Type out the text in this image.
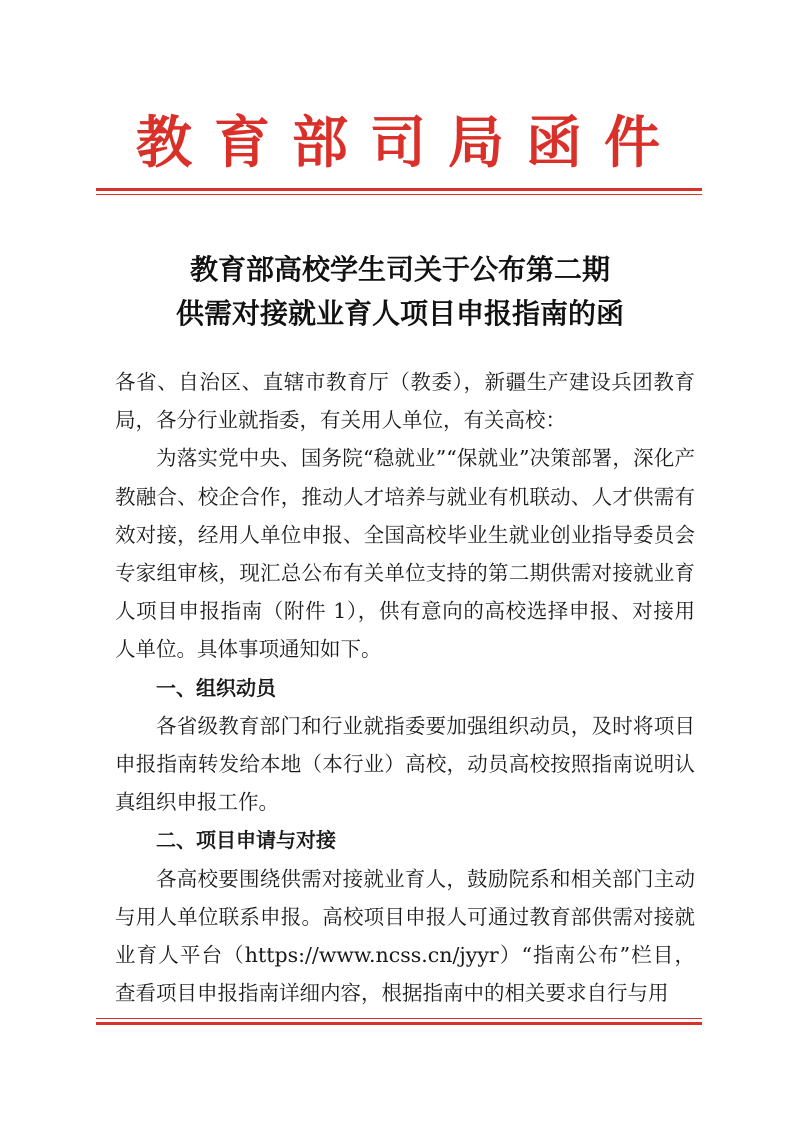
教育部司局函件
教育部高校学生司关于公布第二期
供需对接就业育人项目申报指南的函

各省、自治区、直辖市教育厅（教委），新疆生产建设兵团教育局，各分行业就指委，有关用人单位，有关高校：

为落实党中央、国务院“稳就业”“保就业”决策部署，深化产教融合、校企合作，推动人才培养与就业有机联动、人才供需有效对接，经用人单位申报、全国高校毕业生就业创业指导委员会专家组审核，现汇总公布有关单位支持的第二期供需对接就业育人项目申报指南（附件 1），供有意向的高校选择申报、对接用人单位。具体事项通知如下。

一、组织动员

各省级教育部门和行业就指委要加强组织动员，及时将项目申报指南转发给本地（本行业）高校，动员高校按照指南说明认真组织申报工作。

二、项目申请与对接

各高校要围绕供需对接就业育人，鼓励院系和相关部门主动与用人单位联系申报。高校项目申报人可通过教育部供需对接就业育人平台（https://www.ncss.cn/jyyr）“指南公布”栏目，查看项目申报指南详细内容，根据指南中的相关要求自行与用
